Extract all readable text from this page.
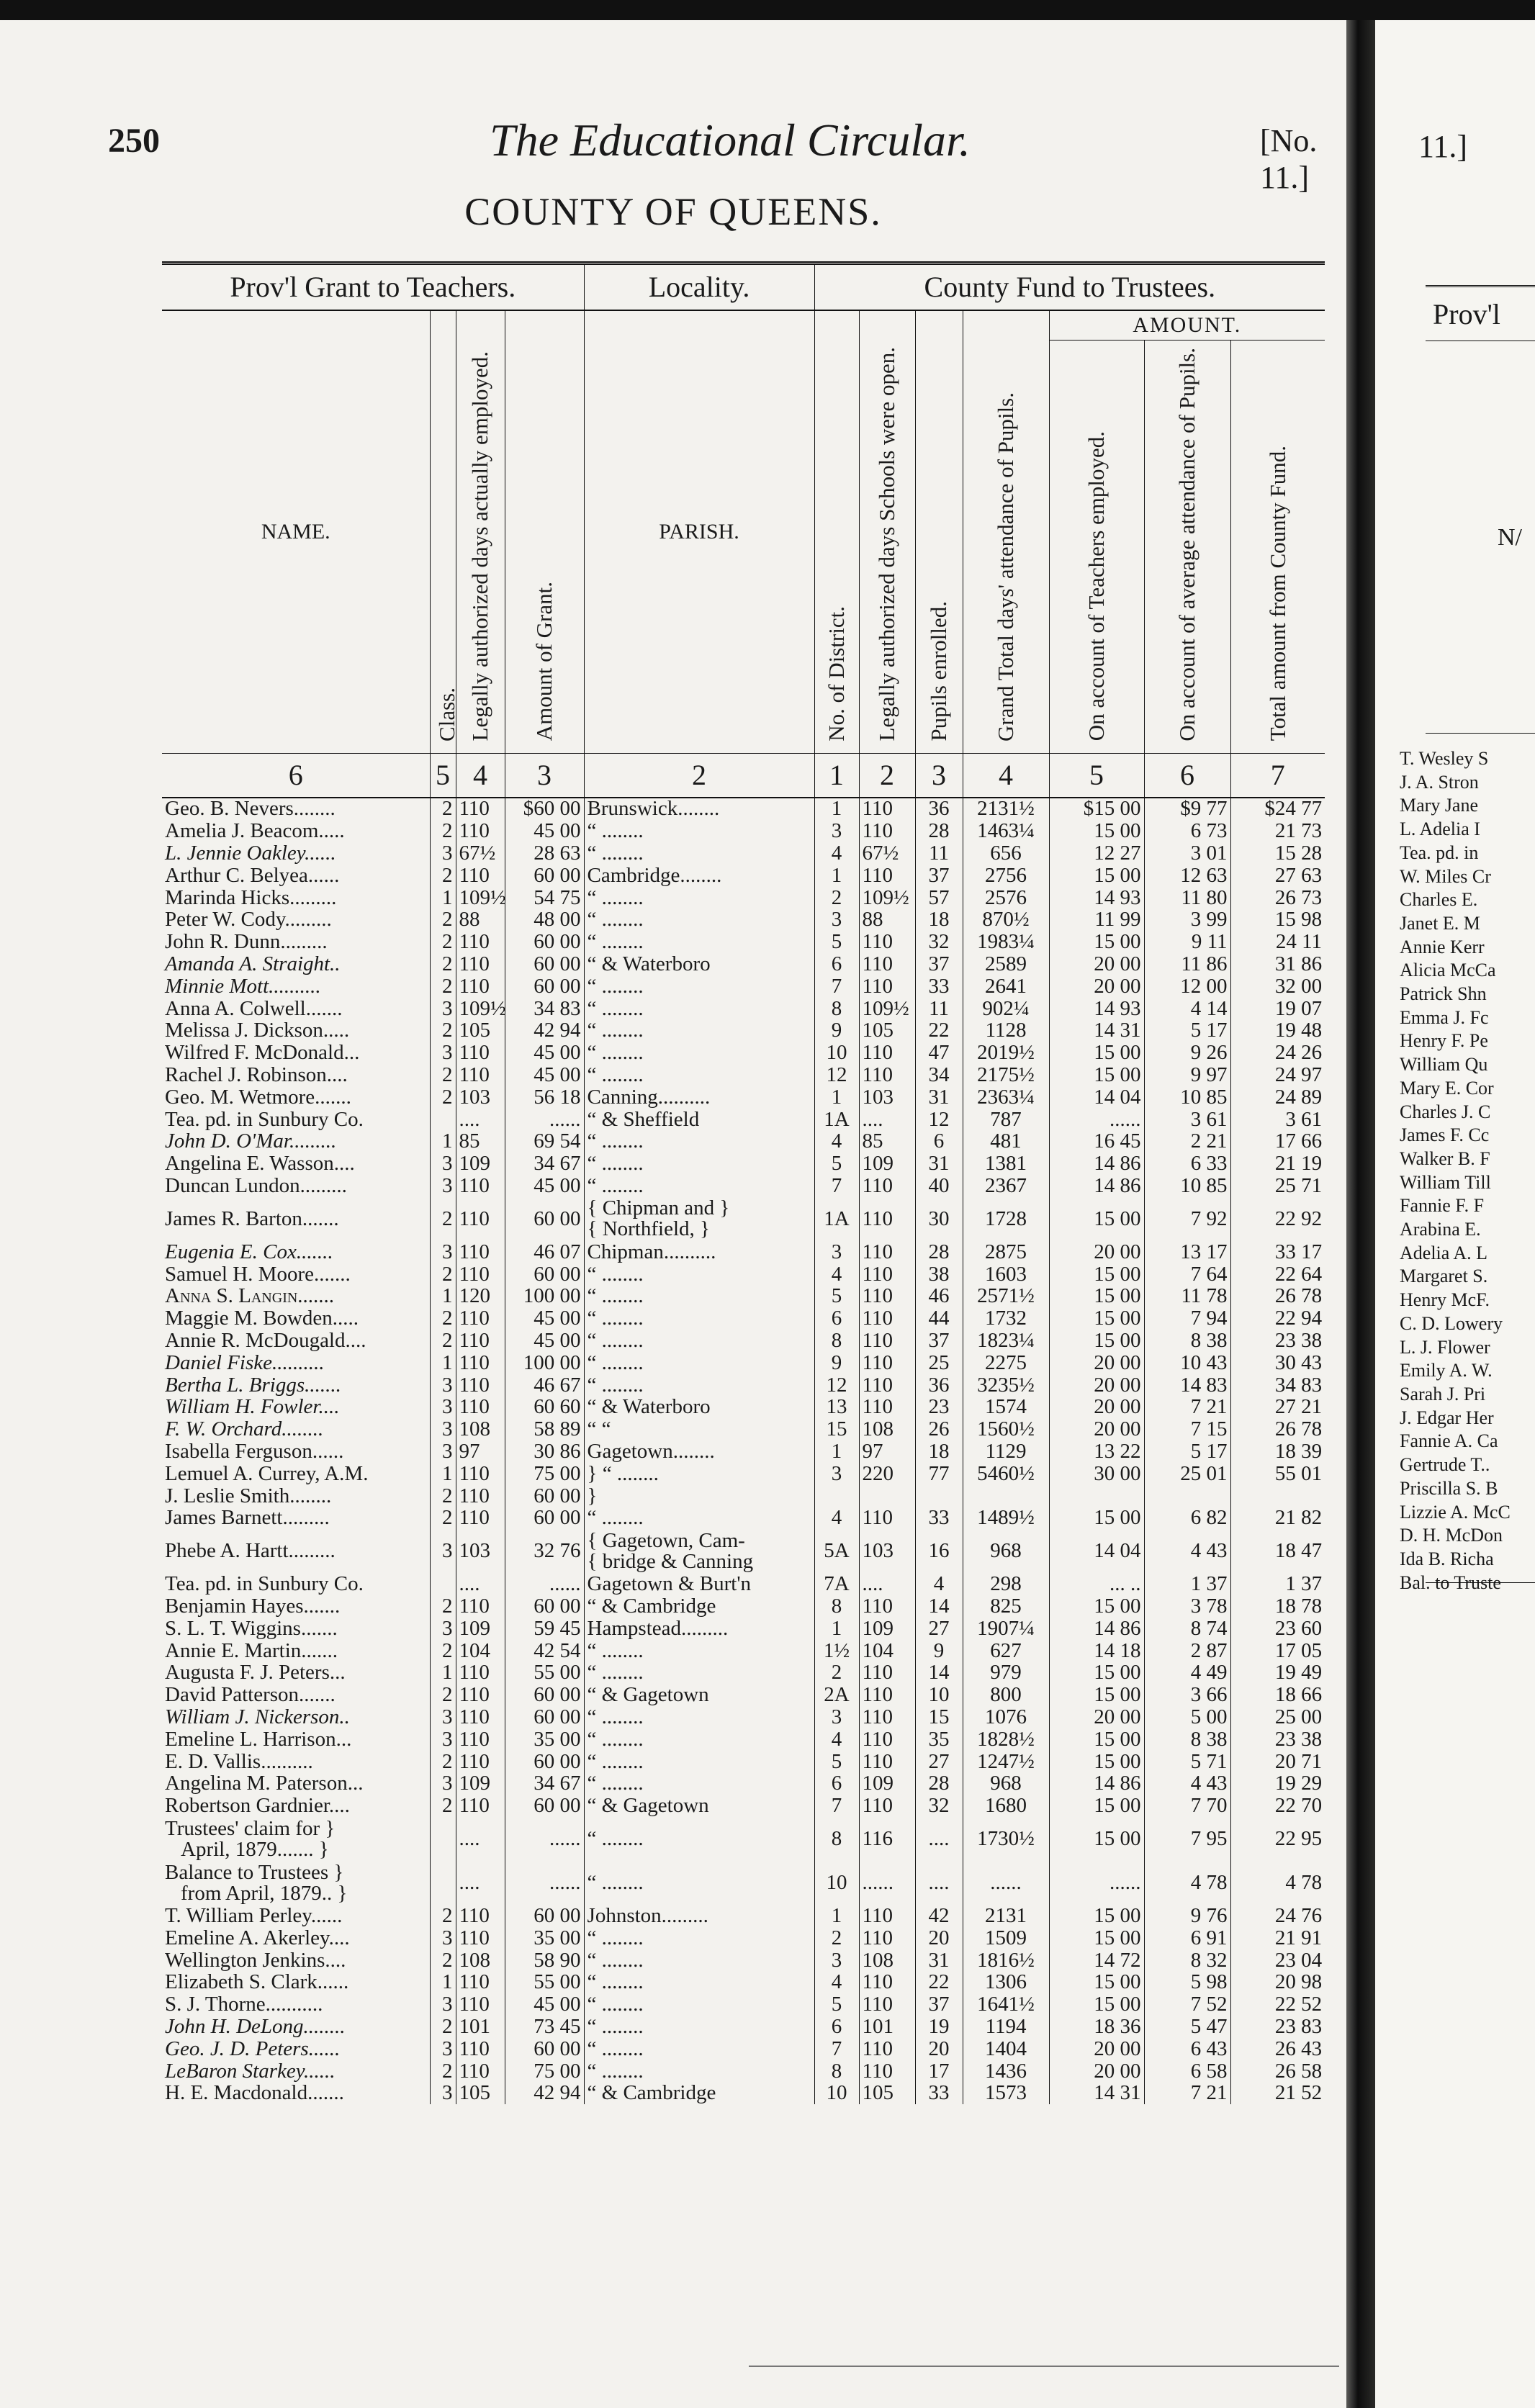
250	The Educational Circular.	[No. 11.]
COUNTY OF QUEENS.
Prov'l Grant to Teachers.				Locality.	County Fund to Trustees.						
NAME.	Class.	Legally authorized days actually employed.	Amount of Grant.	PARISH.	No. of District.	Legally authorized days Schools were open.	Pupils enrolled.	Grand Total days' attendance of Pupils.	AMOUNT.		
									On account of Teachers employed.	On account of average attendance of Pupils.	Total amount from County Fund.
6	5	4	3	2	1	2	3	4	5	6	7

Geo. B. Nevers........	2	110	$60 00	Brunswick........	1	110	36	2131½	$15 00	$9 77	$24 77

Amelia J. Beacom.....	2	110	45 00	“ ........	3	110	28	1463¼	15 00	6 73	21 73

L. Jennie Oakley......	3	67½	28 63	“ ........	4	67½	11	656	12 27	3 01	15 28

Arthur C. Belyea......	2	110	60 00	Cambridge........	1	110	37	2756	15 00	12 63	27 63

Marinda Hicks.........	1	109½	54 75	“ ........	2	109½	57	2576	14 93	11 80	26 73

Peter W. Cody.........	2	88	48 00	“ ........	3	88	18	870½	11 99	3 99	15 98

John R. Dunn.........	2	110	60 00	“ ........	5	110	32	1983¼	15 00	9 11	24 11

Amanda A. Straight..	2	110	60 00	“ & Waterboro	6	110	37	2589	20 00	11 86	31 86

Minnie Mott..........	2	110	60 00	“ ........	7	110	33	2641	20 00	12 00	32 00

Anna A. Colwell.......	3	109½	34 83	“ ........	8	109½	11	902¼	14 93	4 14	19 07

Melissa J. Dickson.....	2	105	42 94	“ ........	9	105	22	1128	14 31	5 17	19 48

Wilfred F. McDonald...	3	110	45 00	“ ........	10	110	47	2019½	15 00	9 26	24 26

Rachel J. Robinson....	2	110	45 00	“ ........	12	110	34	2175½	15 00	9 97	24 97

Geo. M. Wetmore.......	2	103	56 18	Canning..........	1	103	31	2363¼	14 04	10 85	24 89

Tea. pd. in Sunbury Co.		....	......	“ & Sheffield	1A	....	12	787	......	3 61	3 61

John D. O'Mar.........	1	85	69 54	“ ........	4	85	6	481	16 45	2 21	17 66

Angelina E. Wasson....	3	109	34 67	“ ........	5	109	31	1381	14 86	6 33	21 19

Duncan Lundon.........	3	110	45 00	“ ........	7	110	40	2367	14 86	10 85	25 71

James R. Barton.......	2	110	60 00	{ Chipman and }
{ Northfield, }	1A	110	30	1728	15 00	7 92	22 92

Eugenia E. Cox.......	3	110	46 07	Chipman..........	3	110	28	2875	20 00	13 17	33 17

Samuel H. Moore.......	2	110	60 00	“ ........	4	110	38	1603	15 00	7 64	22 64

Anna S. Langin.......	1	120	100 00	“ ........	5	110	46	2571½	15 00	11 78	26 78

Maggie M. Bowden.....	2	110	45 00	“ ........	6	110	44	1732	15 00	7 94	22 94

Annie R. McDougald....	2	110	45 00	“ ........	8	110	37	1823¼	15 00	8 38	23 38

Daniel Fiske..........	1	110	100 00	“ ........	9	110	25	2275	20 00	10 43	30 43

Bertha L. Briggs.......	3	110	46 67	“ ........	12	110	36	3235½	20 00	14 83	34 83

William H. Fowler....	3	110	60 60	“ & Waterboro	13	110	23	1574	20 00	7 21	27 21

F. W. Orchard........	3	108	58 89	“ “	15	108	26	1560½	20 00	7 15	26 78

Isabella Ferguson......	3	97	30 86	Gagetown........	1	97	18	1129	13 22	5 17	18 39

Lemuel A. Currey, A.M.	1	110	75 00	} “ ........	3	220	77	5460½	30 00	25 01	55 01

J. Leslie Smith........	2	110	60 00	}							

James Barnett.........	2	110	60 00	“ ........	4	110	33	1489½	15 00	6 82	21 82

Phebe A. Hartt.........	3	103	32 76	{ Gagetown, Cam-
{ bridge & Canning	5A	103	16	968	14 04	4 43	18 47

Tea. pd. in Sunbury Co.		....	......	Gagetown & Burt'n	7A	....	4	298	... ..	1 37	1 37

Benjamin Hayes.......	2	110	60 00	“ & Cambridge	8	110	14	825	15 00	3 78	18 78

S. L. T. Wiggins.......	3	109	59 45	Hampstead.........	1	109	27	1907¼	14 86	8 74	23 60

Annie E. Martin.......	2	104	42 54	“ ........	1½	104	9	627	14 18	2 87	17 05

Augusta F. J. Peters...	1	110	55 00	“ ........	2	110	14	979	15 00	4 49	19 49

David Patterson.......	2	110	60 00	“ & Gagetown	2A	110	10	800	15 00	3 66	18 66

William J. Nickerson..	3	110	60 00	“ ........	3	110	15	1076	20 00	5 00	25 00

Emeline L. Harrison...	3	110	35 00	“ ........	4	110	35	1828½	15 00	8 38	23 38

E. D. Vallis..........	2	110	60 00	“ ........	5	110	27	1247½	15 00	5 71	20 71

Angelina M. Paterson...	3	109	34 67	“ ........	6	109	28	968	14 86	4 43	19 29

Robertson Gardnier....	2	110	60 00	“ & Gagetown	7	110	32	1680	15 00	7 70	22 70

Trustees' claim for }
April, 1879....... }		....	......	“ ........	8	116	....	1730½	15 00	7 95	22 95

Balance to Trustees }
from April, 1879.. }		....	......	“ ........	10	......	....	......	......	4 78	4 78

T. William Perley......	2	110	60 00	Johnston.........	1	110	42	2131	15 00	9 76	24 76

Emeline A. Akerley....	3	110	35 00	“ ........	2	110	20	1509	15 00	6 91	21 91

Wellington Jenkins....	2	108	58 90	“ ........	3	108	31	1816½	14 72	8 32	23 04

Elizabeth S. Clark......	1	110	55 00	“ ........	4	110	22	1306	15 00	5 98	20 98

S. J. Thorne...........	3	110	45 00	“ ........	5	110	37	1641½	15 00	7 52	22 52

John H. DeLong........	2	101	73 45	“ ........	6	101	19	1194	18 36	5 47	23 83

Geo. J. D. Peters......	3	110	60 00	“ ........	7	110	20	1404	20 00	6 43	26 43

LeBaron Starkey......	2	110	75 00	“ ........	8	110	17	1436	20 00	6 58	26 58

H. E. Macdonald.......	3	105	42 94	“ & Cambridge	10	105	33	1573	14 31	7 21	21 52
11.]
Prov'l
N/
T. Wesley S
J. A. Stron
Mary Jane
L. Adelia I
Tea. pd. in
W. Miles Cr
Charles E.
Janet E. M
Annie Kerr
Alicia McCa
Patrick Shn
Emma J. Fc
Henry F. Pe
William Qu
Mary E. Cor
Charles J. C
James F. Cc
Walker B. F
William Till
Fannie F. F
Arabina E.
Adelia A. L
Margaret S.
Henry McF.
C. D. Lowery
L. J. Flower
Emily A. W.
Sarah J. Pri
J. Edgar Her
Fannie A. Ca
Gertrude T..
Priscilla S. B
Lizzie A. McC
D. H. McDon
Ida B. Richa
Bal. to Truste
